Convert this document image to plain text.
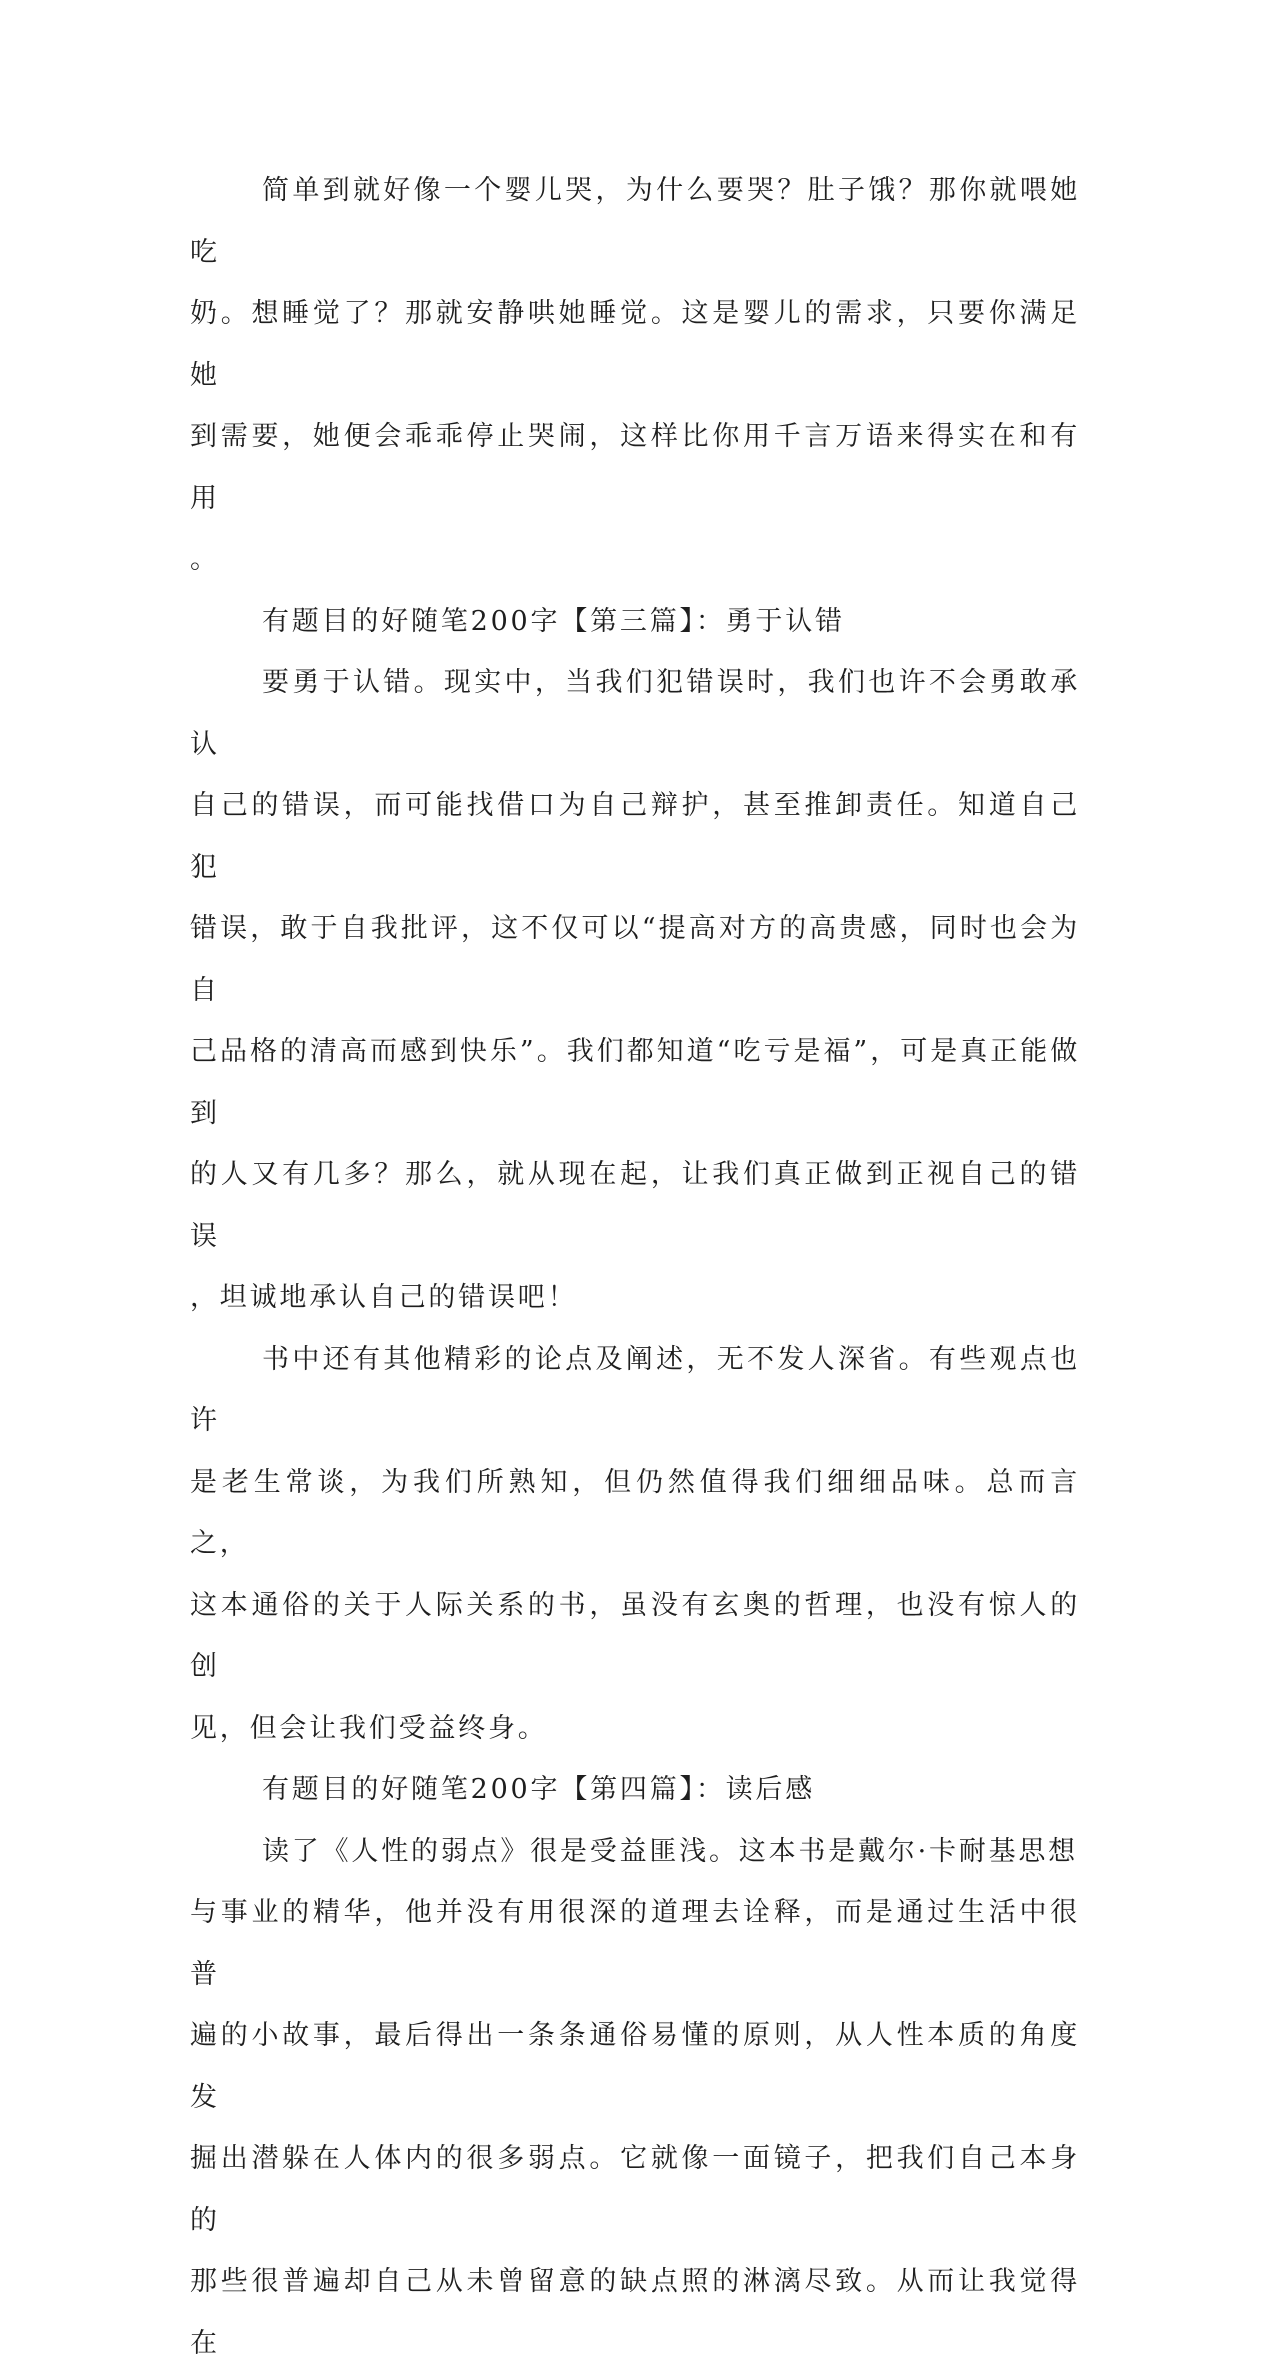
简单到就好像一个婴儿哭，为什么要哭？肚子饿？那你就喂她吃
奶。想睡觉了？那就安静哄她睡觉。这是婴儿的需求，只要你满足她
到需要，她便会乖乖停止哭闹，这样比你用千言万语来得实在和有用
。
有题目的好随笔200字【第三篇】：勇于认错
要勇于认错。现实中，当我们犯错误时，我们也许不会勇敢承认
自己的错误，而可能找借口为自己辩护，甚至推卸责任。知道自己犯
错误，敢于自我批评，这不仅可以“提高对方的高贵感，同时也会为自
己品格的清高而感到快乐”。我们都知道“吃亏是福”，可是真正能做到
的人又有几多？那么，就从现在起，让我们真正做到正视自己的错误
，坦诚地承认自己的错误吧！
书中还有其他精彩的论点及阐述，无不发人深省。有些观点也许
是老生常谈，为我们所熟知，但仍然值得我们细细品味。总而言之，
这本通俗的关于人际关系的书，虽没有玄奥的哲理，也没有惊人的创
见，但会让我们受益终身。
有题目的好随笔200字【第四篇】：读后感
读了《人性的弱点》很是受益匪浅。这本书是戴尔·卡耐基思想
与事业的精华，他并没有用很深的道理去诠释，而是通过生活中很普
遍的小故事，最后得出一条条通俗易懂的原则，从人性本质的角度发
掘出潜躲在人体内的很多弱点。它就像一面镜子，把我们自己本身的
那些很普遍却自己从未曾留意的缺点照的淋漓尽致。从而让我觉得在
